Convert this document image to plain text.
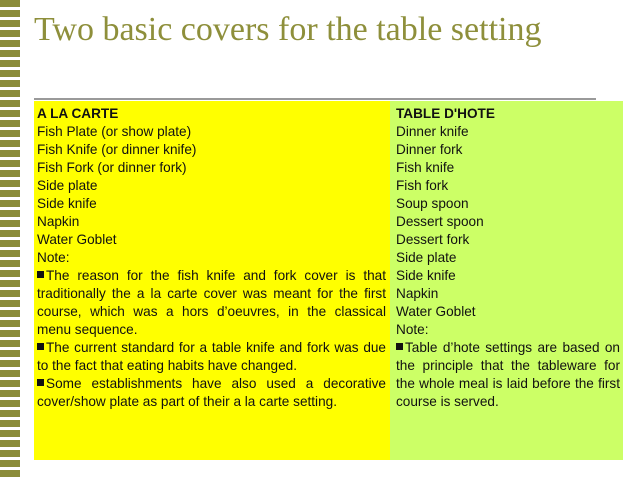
Two basic covers for the table setting
A LA CARTE
Fish Plate (or show plate)
Fish Knife (or dinner knife)
Fish Fork (or dinner fork)
Side plate
Side knife
Napkin
Water Goblet
Note:
The reason for the fish knife and fork cover is that traditionally the a la carte cover was meant for the first course, which was a hors d’oeuvres, in the classical menu sequence.
The current standard for a table knife and fork was due to the fact that eating habits have changed.
Some establishments have also used a decorative cover/show plate as part of their a la carte setting.
TABLE D'HOTE
Dinner knife
Dinner fork
Fish knife
Fish fork
Soup spoon
Dessert spoon
Dessert fork
Side plate
Side knife
Napkin
Water Goblet
Note:
Table d’hote settings are based on the principle that the tableware for the whole meal is laid before the first course is served.
